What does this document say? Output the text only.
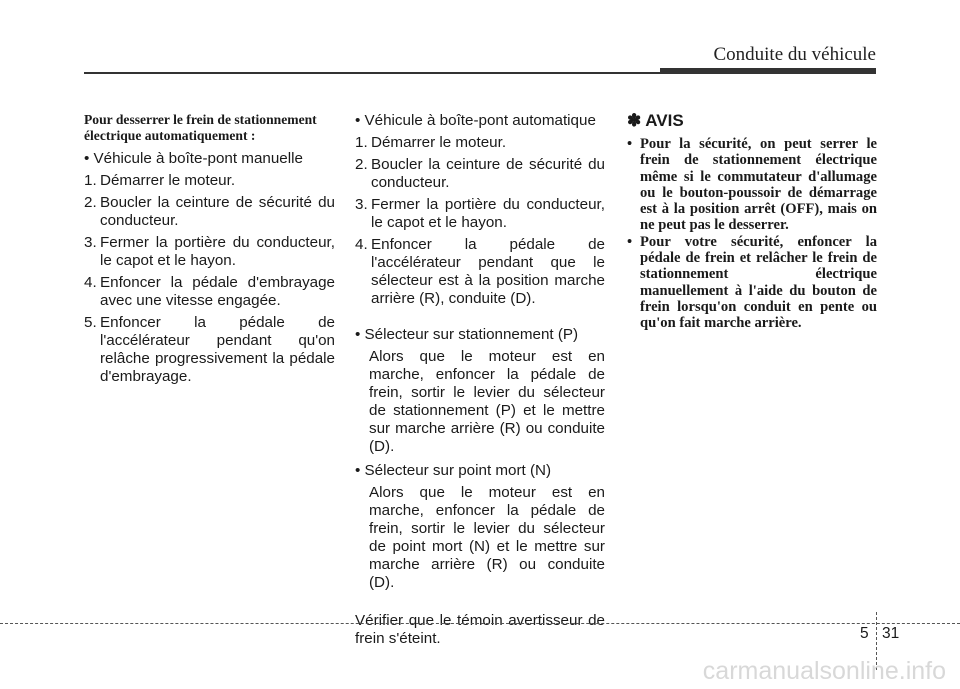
Conduite du véhicule
Pour desserrer le frein de stationnement électrique automatiquement :
• Véhicule à boîte-pont manuelle
1. Démarrer le moteur.
2. Boucler la ceinture de sécurité du conducteur.
3. Fermer la portière du conducteur, le capot et le hayon.
4. Enfoncer la pédale d'embrayage avec une vitesse engagée.
5. Enfoncer la pédale de l'accélérateur pendant qu'on relâche progressivement la pédale d'embrayage.
• Véhicule à boîte-pont automatique
1. Démarrer le moteur.
2. Boucler la ceinture de sécurité du conducteur.
3. Fermer la portière du conducteur, le capot et le hayon.
4. Enfoncer la pédale de l'accélérateur pendant que le sélecteur est à la position marche arrière (R), conduite (D).
• Sélecteur sur stationnement (P)
Alors que le moteur est en marche, enfoncer la pédale de frein, sortir le levier du sélecteur de stationnement (P) et le mettre sur marche arrière (R) ou conduite (D).
• Sélecteur sur point mort (N)
Alors que le moteur est en marche, enfoncer la pédale de frein, sortir le levier du sélecteur de point mort (N) et le mettre sur marche arrière (R) ou conduite (D).
Vérifier que le témoin avertisseur de frein s'éteint.
✽ AVIS
• Pour la sécurité, on peut serrer le frein de stationnement électrique même si le commutateur d'allumage ou le bouton-poussoir de démarrage est à la position arrêt (OFF), mais on ne peut pas le desserrer.
• Pour votre sécurité, enfoncer la pédale de frein et relâcher le frein de stationnement électrique manuellement à l'aide du bouton de frein lorsqu'on conduit en pente ou qu'on fait marche arrière.
5 31
carmanualsonline.info
